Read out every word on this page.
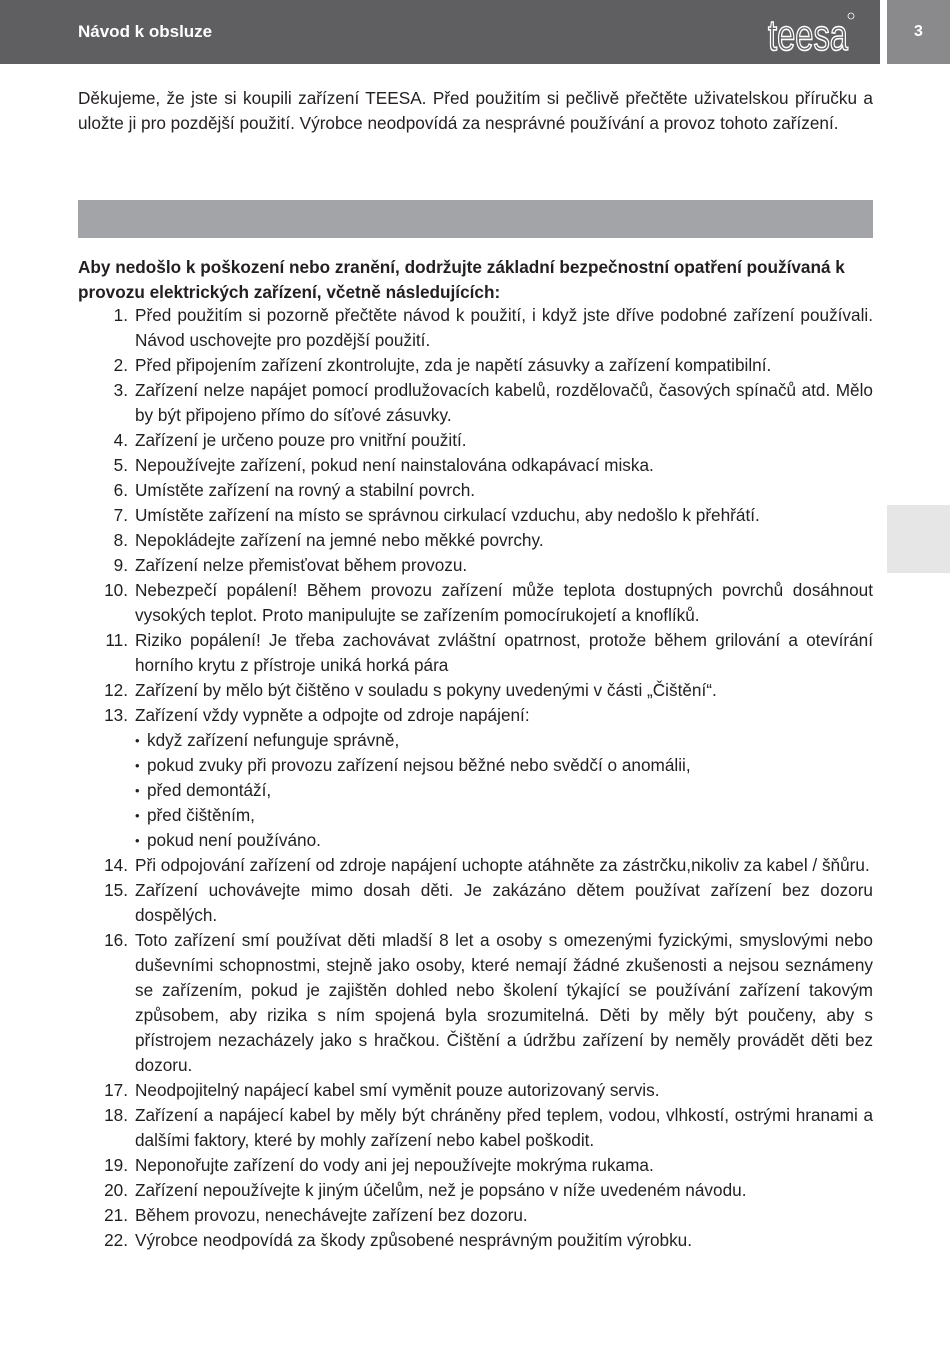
Návod k obsluze	teesa	3

Děkujeme, že jste si koupili zařízení TEESA. Před použitím si pečlivě přečtěte uživatelskou příručku a uložte ji pro pozdější použití. Výrobce neodpovídá za nesprávné používání a provoz tohoto zařízení.

Aby nedošlo k poškození nebo zranění, dodržujte základní bezpečnostní opatření používaná k provozu elektrických zařízení, včetně následujících:

1. Před použitím si pozorně přečtěte návod k použití, i když jste dříve podobné zařízení používali. Návod uschovejte pro pozdější použití.
2. Před připojením zařízení zkontrolujte, zda je napětí zásuvky a zařízení kompatibilní.
3. Zařízení nelze napájet pomocí prodlužovacích kabelů, rozdělovačů, časových spínačů atd. Mělo by být připojeno přímo do síťové zásuvky.
4. Zařízení je určeno pouze pro vnitřní použití.
5. Nepoužívejte zařízení, pokud není nainstalována odkapávací miska.
6. Umístěte zařízení na rovný a stabilní povrch.
7. Umístěte zařízení na místo se správnou cirkulací vzduchu, aby nedošlo k přehřátí.
8. Nepokládejte zařízení na jemné nebo měkké povrchy.
9. Zařízení nelze přemisťovat během provozu.
10. Nebezpečí popálení! Během provozu zařízení může teplota dostupných povrchů dosáhnout vysokých teplot. Proto manipulujte se zařízením pomocírukojetí a knoflíků.
11. Riziko popálení! Je třeba zachovávat zvláštní opatrnost, protože během grilování a otevírání horního krytu z přístroje uniká horká pára
12. Zařízení by mělo být čištěno v souladu s pokyny uvedenými v části „Čištění“.
13. Zařízení vždy vypněte a odpojte od zdroje napájení:
• když zařízení nefunguje správně,
• pokud zvuky při provozu zařízení nejsou běžné nebo svědčí o anomálii,
• před demontáží,
• před čištěním,
• pokud není používáno.
14. Při odpojování zařízení od zdroje napájení uchopte atáhněte za zástrčku,nikoliv za kabel / šňůru.
15. Zařízení uchovávejte mimo dosah děti. Je zakázáno dětem používat zařízení bez dozoru dospělých.
16. Toto zařízení smí používat děti mladší 8 let a osoby s omezenými fyzickými, smyslovými nebo duševními schopnostmi, stejně jako osoby, které nemají žádné zkušenosti a nejsou seznámeny se zařízením, pokud je zajištěn dohled nebo školení týkající se používání zařízení takovým způsobem, aby rizika s ním spojená byla srozumitelná. Děti by měly být poučeny, aby s přístrojem nezacházely jako s hračkou. Čištění a údržbu zařízení by neměly provádět děti bez dozoru.
17. Neodpojitelný napájecí kabel smí vyměnit pouze autorizovaný servis.
18. Zařízení a napájecí kabel by měly být chráněny před teplem, vodou, vlhkostí, ostrými hranami a dalšími faktory, které by mohly zařízení nebo kabel poškodit.
19. Neponořujte zařízení do vody ani jej nepoužívejte mokrýma rukama.
20. Zařízení nepoužívejte k jiným účelům, než je popsáno v níže uvedeném návodu.
21. Během provozu, nenechávejte zařízení bez dozoru.
22. Výrobce neodpovídá za škody způsobené nesprávným použitím výrobku.
